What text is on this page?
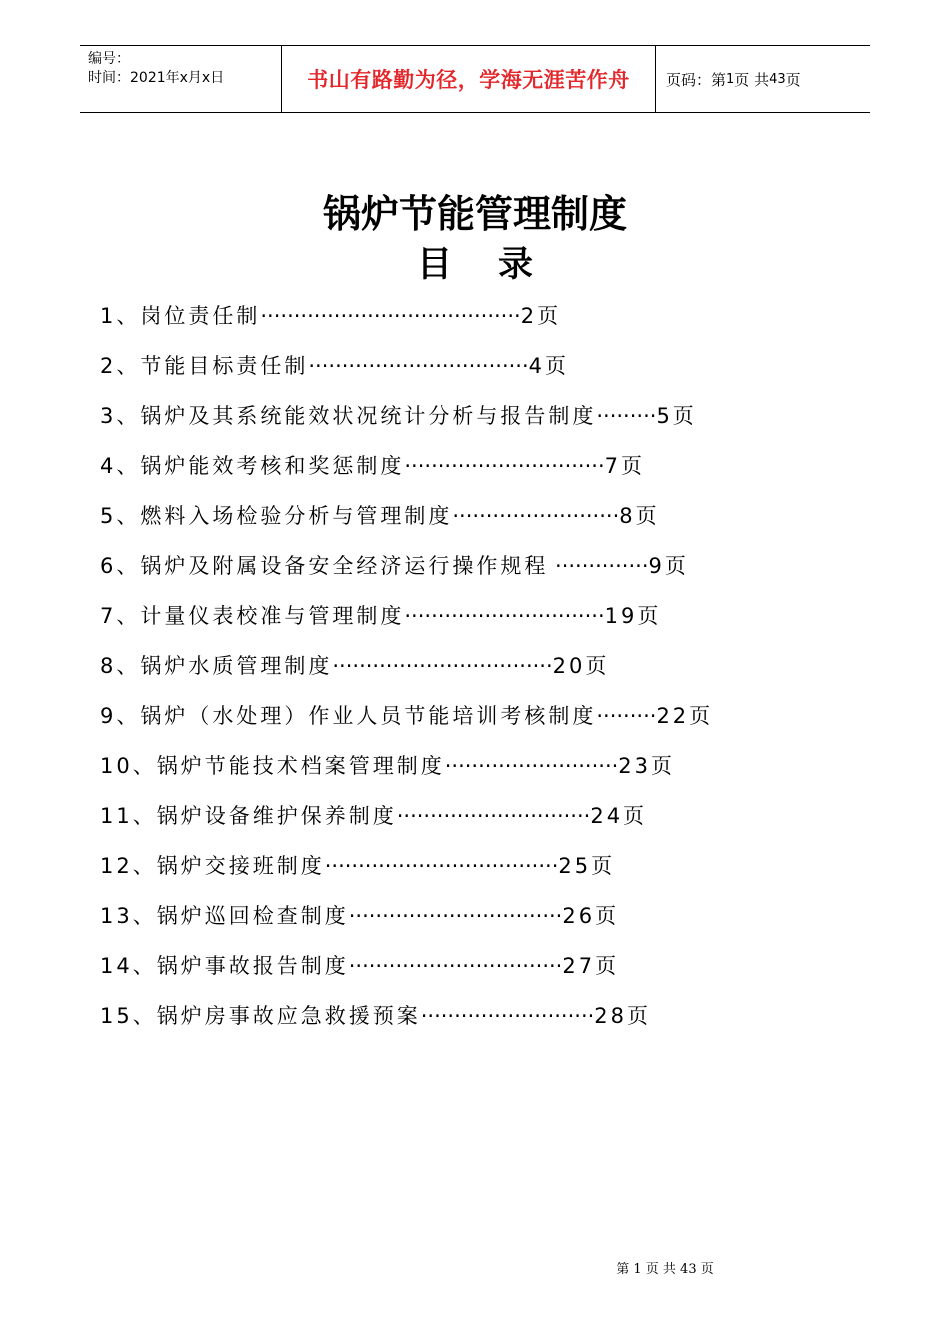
编号：
时间：2021年x月x日	书山有路勤为径，学海无涯苦作舟	页码：第 1 页 共 43 页
锅炉节能管理制度
目录
1、岗位责任制·······································2页
2、节能目标责任制·································4页
3、锅炉及其系统能效状况统计分析与报告制度·········5页
4、锅炉能效考核和奖惩制度······························7页
5、燃料入场检验分析与管理制度·························8页
6、锅炉及附属设备安全经济运行操作规程 ··············9页
7、计量仪表校准与管理制度······························19页
8、锅炉水质管理制度·································20页
9、锅炉（水处理）作业人员节能培训考核制度·········22页
10、锅炉节能技术档案管理制度··························23页
11、锅炉设备维护保养制度·····························24页
12、锅炉交接班制度···································25页
13、锅炉巡回检查制度································26页
14、锅炉事故报告制度································27页
15、锅炉房事故应急救援预案··························28页
第 1 页 共 43 页
